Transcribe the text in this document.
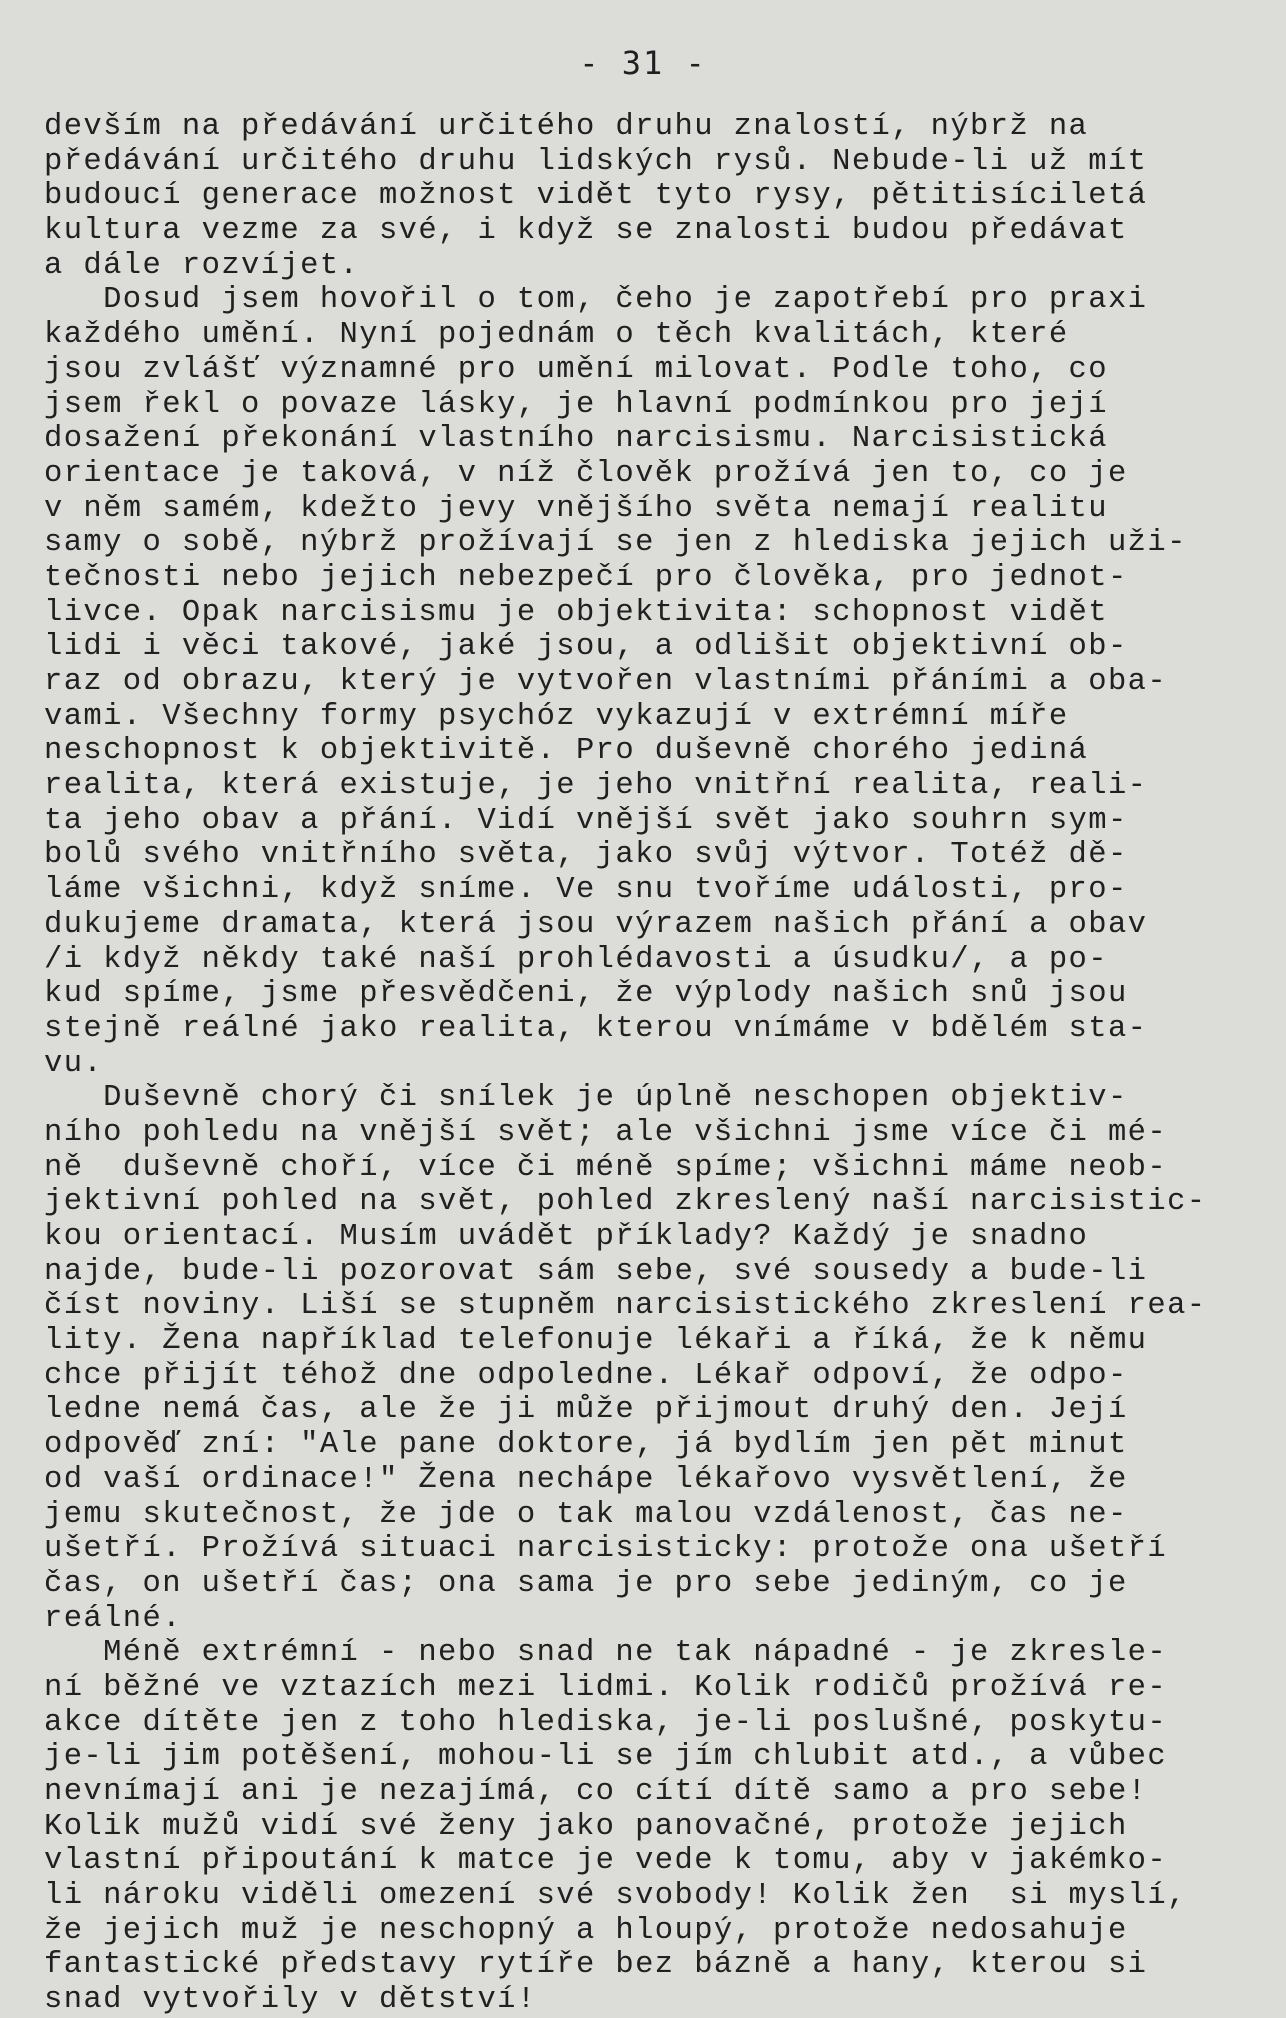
- 31 -
devším na předávání určitého druhu znalostí, nýbrž na
předávání určitého druhu lidských rysů. Nebude-li už mít
budoucí generace možnost vidět tyto rysy, pětitisíciletá
kultura vezme za své, i když se znalosti budou předávat
a dále rozvíjet.
Dosud jsem hovořil o tom, čeho je zapotřebí pro praxi
každého umění. Nyní pojednám o těch kvalitách, které
jsou zvlášť významné pro umění milovat. Podle toho, co
jsem řekl o povaze lásky, je hlavní podmínkou pro její
dosažení překonání vlastního narcisismu. Narcisistická
orientace je taková, v níž člověk prožívá jen to, co je
v něm samém, kdežto jevy vnějšího světa nemají realitu
samy o sobě, nýbrž prožívají se jen z hlediska jejich uži-
tečnosti nebo jejich nebezpečí pro člověka, pro jednot-
livce. Opak narcisismu je objektivita: schopnost vidět
lidi i věci takové, jaké jsou, a odlišit objektivní ob-
raz od obrazu, který je vytvořen vlastními přáními a oba-
vami. Všechny formy psychóz vykazují v extrémní míře
neschopnost k objektivitě. Pro duševně chorého jediná
realita, která existuje, je jeho vnitřní realita, reali-
ta jeho obav a přání. Vidí vnější svět jako souhrn sym-
bolů svého vnitřního světa, jako svůj výtvor. Totéž dě-
láme všichni, když sníme. Ve snu tvoříme události, pro-
dukujeme dramata, která jsou výrazem našich přání a obav
/i když někdy také naší prohlédavosti a úsudku/, a po-
kud spíme, jsme přesvědčeni, že výplody našich snů jsou
stejně reálné jako realita, kterou vnímáme v bdělém sta-
vu.
Duševně chorý či snílek je úplně neschopen objektiv-
ního pohledu na vnější svět; ale všichni jsme více či mé-
ně  duševně choří, více či méně spíme; všichni máme neob-
jektivní pohled na svět, pohled zkreslený naší narcisistic-
kou orientací. Musím uvádět příklady? Každý je snadno
najde, bude-li pozorovat sám sebe, své sousedy a bude-li
číst noviny. Liší se stupněm narcisistického zkreslení rea-
lity. Žena například telefonuje lékaři a říká, že k němu
chce přijít téhož dne odpoledne. Lékař odpoví, že odpo-
ledne nemá čas, ale že ji může přijmout druhý den. Její
odpověď zní: "Ale pane doktore, já bydlím jen pět minut
od vaší ordinace!" Žena nechápe lékařovo vysvětlení, že
jemu skutečnost, že jde o tak malou vzdálenost, čas ne-
ušetří. Prožívá situaci narcisisticky: protože ona ušetří
čas, on ušetří čas; ona sama je pro sebe jediným, co je
reálné.
Méně extrémní - nebo snad ne tak nápadné - je zkresle-
ní běžné ve vztazích mezi lidmi. Kolik rodičů prožívá re-
akce dítěte jen z toho hlediska, je-li poslušné, poskytu-
je-li jim potěšení, mohou-li se jím chlubit atd., a vůbec
nevnímají ani je nezajímá, co cítí dítě samo a pro sebe!
Kolik mužů vidí své ženy jako panovačné, protože jejich
vlastní připoutání k matce je vede k tomu, aby v jakémko-
li nároku viděli omezení své svobody! Kolik žen  si myslí,
že jejich muž je neschopný a hloupý, protože nedosahuje
fantastické představy rytíře bez bázně a hany, kterou si
snad vytvořily v dětství!
